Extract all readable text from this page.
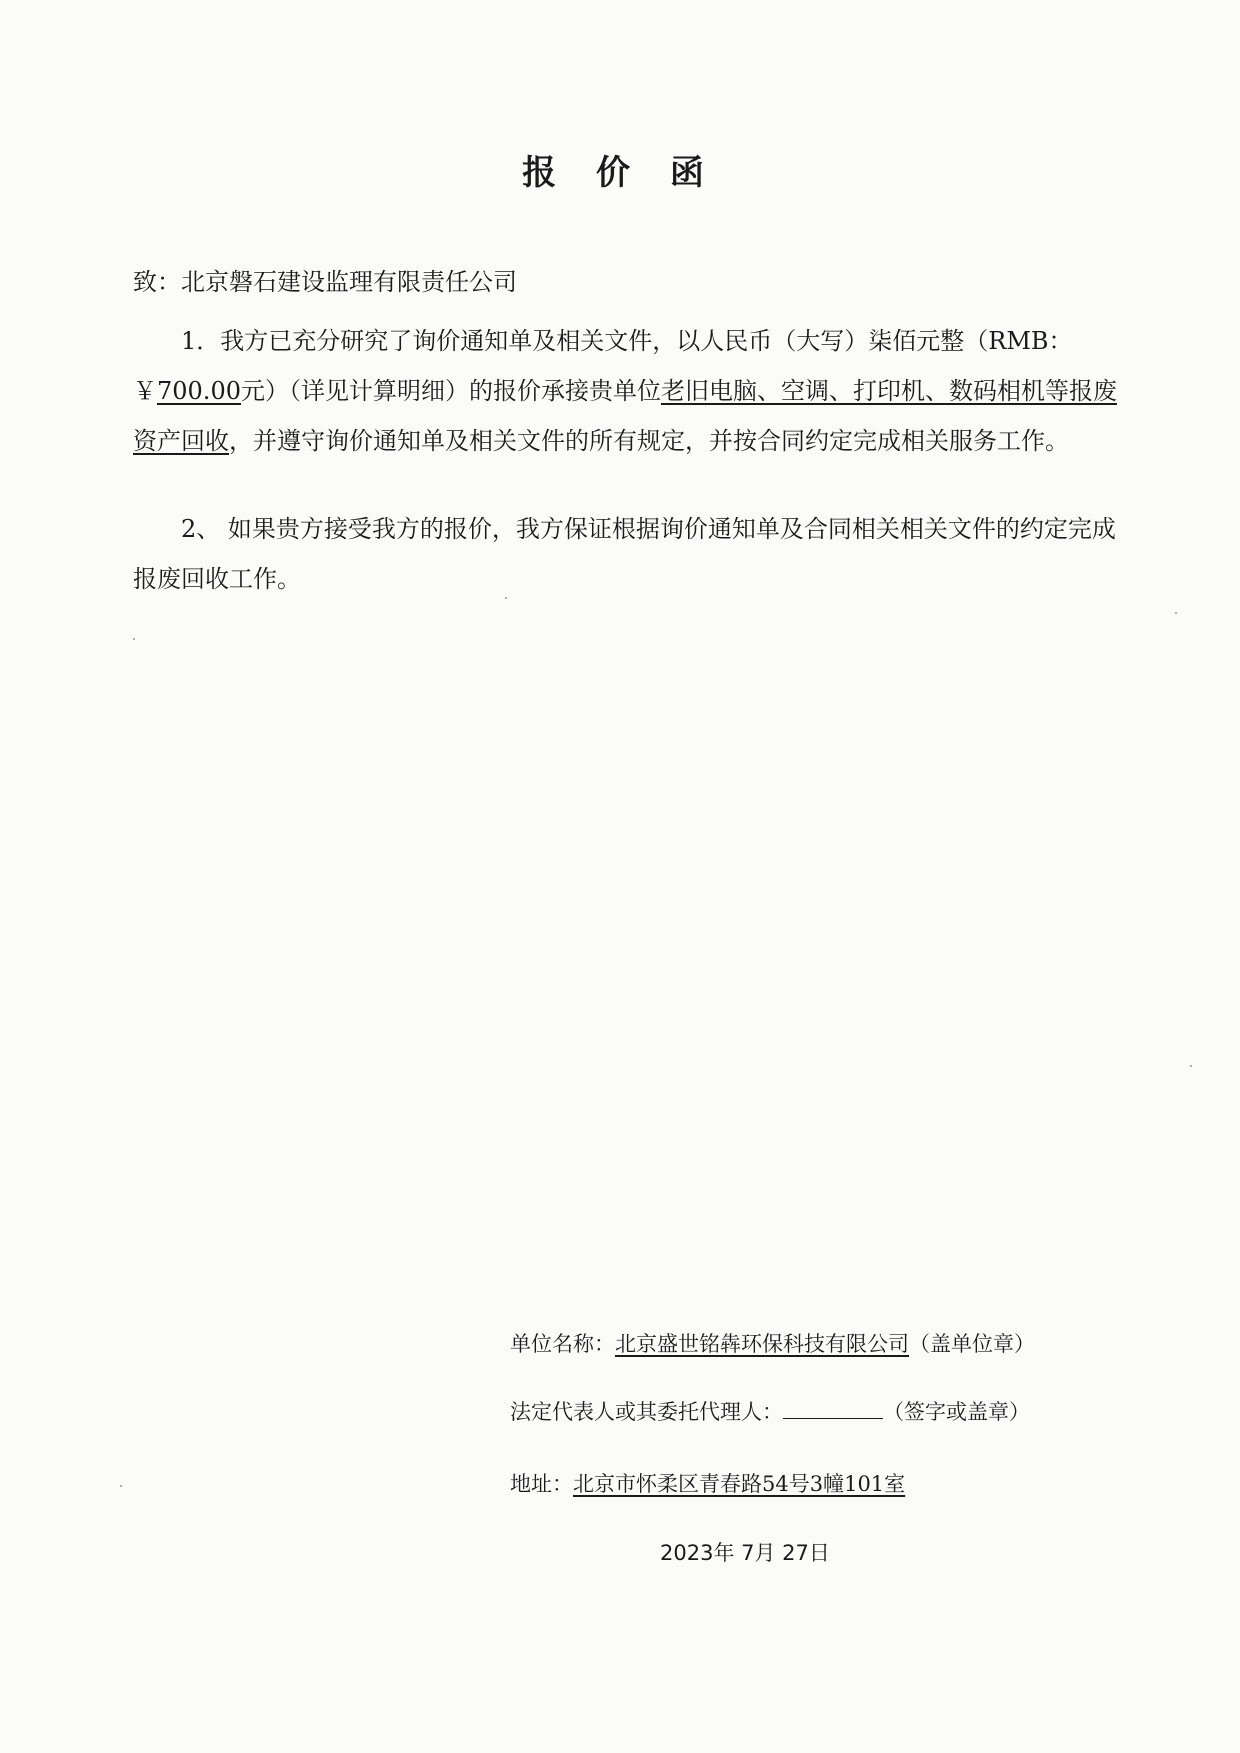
报 价 函
致：北京磐石建设监理有限责任公司
1．我方已充分研究了询价通知单及相关文件，以人民币（大写）柒佰元整（RMB：￥700.00元）（详见计算明细）的报价承接贵单位老旧电脑、空调、打印机、数码相机等报废资产回收，并遵守询价通知单及相关文件的所有规定，并按合同约定完成相关服务工作。
2、 如果贵方接受我方的报价，我方保证根据询价通知单及合同相关相关文件的约定完成报废回收工作。
单位名称：北京盛世铭犇环保科技有限公司（盖单位章）
法定代表人或其委托代理人：	（签字或盖章）
地址：北京市怀柔区青春路54号3幢101室
2023年 7月 27日
